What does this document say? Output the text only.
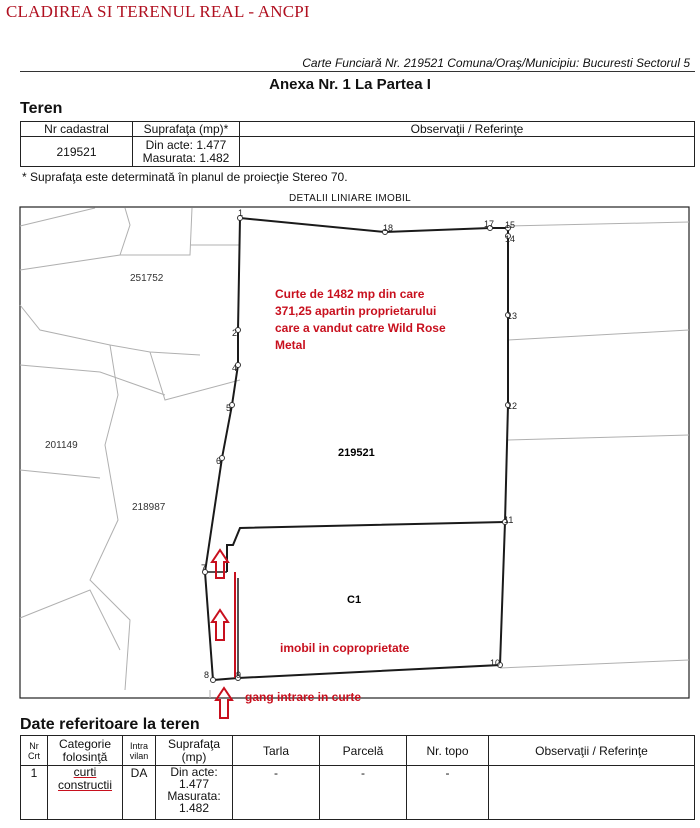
CLADIREA SI TERENUL REAL - ANCPI
Carte Funciară Nr. 219521 Comuna/Oraş/Municipiu: Bucuresti Sectorul 5
Anexa Nr. 1 La Partea I
Teren
Nr cadastral	Suprafaţa (mp)*	Observaţii / Referinţe
219521	Din acte: 1.477
Masurata: 1.482	

* Suprafaţa este determinată în planul de proiecţie Stereo 70.
DETALII LINIARE IMOBIL
1
2
4
5
6
7
8	9
10
11
12
13
14
15
17
18
251752
201149
218987
219521
C1
Curte de 1482 mp din care
371,25 apartin proprietarului
care a vandut catre Wild Rose
Metal
imobil in coproprietate
gang intrare in curte
Date referitoare la teren
Nr Crt	Categorie folosinţă	Intra vilan	Suprafaţa (mp)	Tarla	Parcelă	Nr. topo	Observaţii / Referinţe
1	curti constructii	DA	Din acte: 1.477
Masurata: 1.482	-	-	-	
